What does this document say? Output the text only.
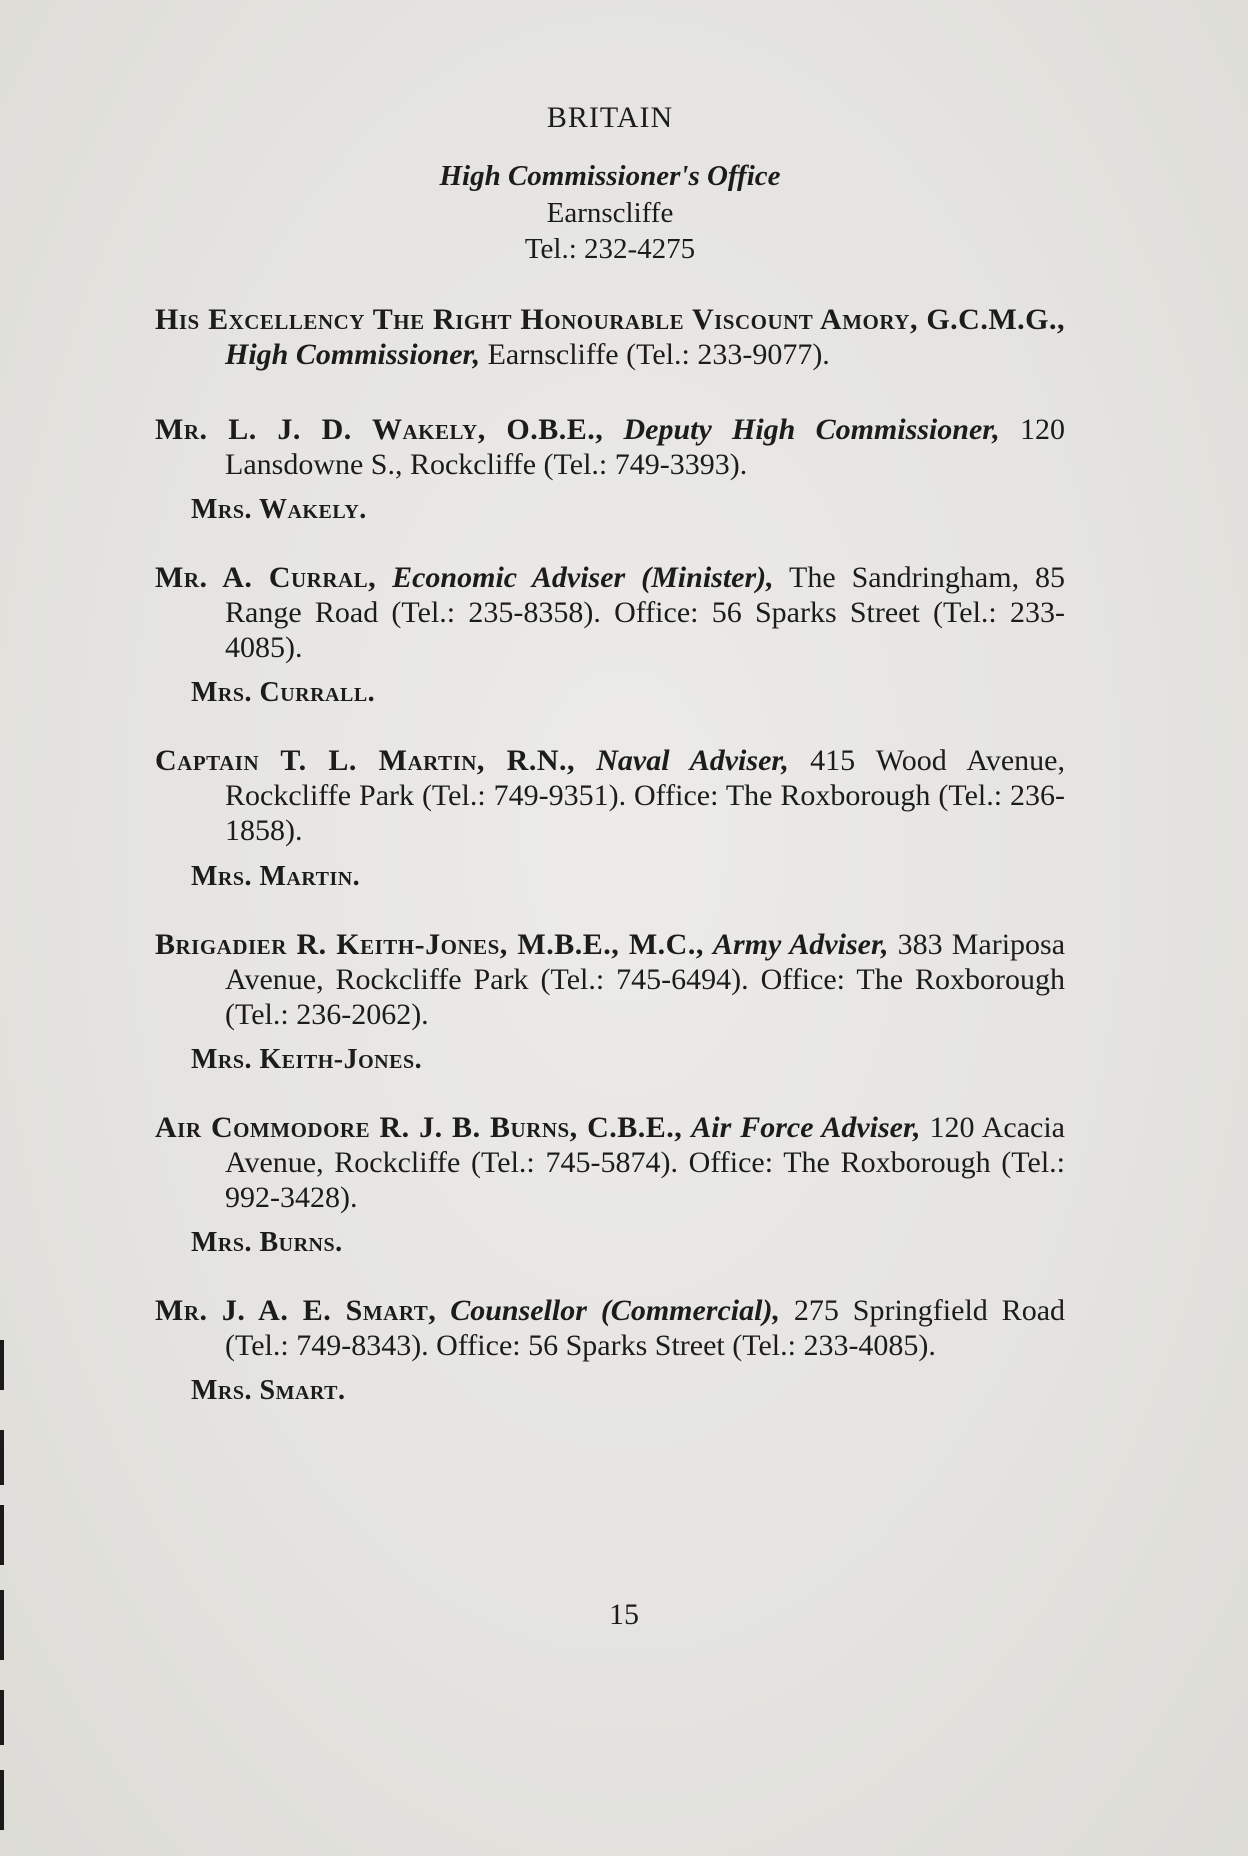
BRITAIN
High Commissioner's Office
Earnscliffe
Tel.: 232-4275
His Excellency The Right Honourable Viscount Amory, G.C.M.G., High Commissioner, Earnscliffe (Tel.: 233-9077).
Mr. L. J. D. Wakely, O.B.E., Deputy High Commissioner, 120 Lansdowne S., Rockcliffe (Tel.: 749-3393).
Mrs. Wakely.
Mr. A. Curral, Economic Adviser (Minister), The Sandringham, 85 Range Road (Tel.: 235-8358). Office: 56 Sparks Street (Tel.: 233-4085).
Mrs. Currall.
Captain T. L. Martin, R.N., Naval Adviser, 415 Wood Avenue, Rockcliffe Park (Tel.: 749-9351). Office: The Roxborough (Tel.: 236-1858).
Mrs. Martin.
Brigadier R. Keith-Jones, M.B.E., M.C., Army Adviser, 383 Mariposa Avenue, Rockcliffe Park (Tel.: 745-6494). Office: The Roxborough (Tel.: 236-2062).
Mrs. Keith-Jones.
Air Commodore R. J. B. Burns, C.B.E., Air Force Adviser, 120 Acacia Avenue, Rockcliffe (Tel.: 745-5874). Office: The Roxborough (Tel.: 992-3428).
Mrs. Burns.
Mr. J. A. E. Smart, Counsellor (Commercial), 275 Springfield Road (Tel.: 749-8343). Office: 56 Sparks Street (Tel.: 233-4085).
Mrs. Smart.
15
